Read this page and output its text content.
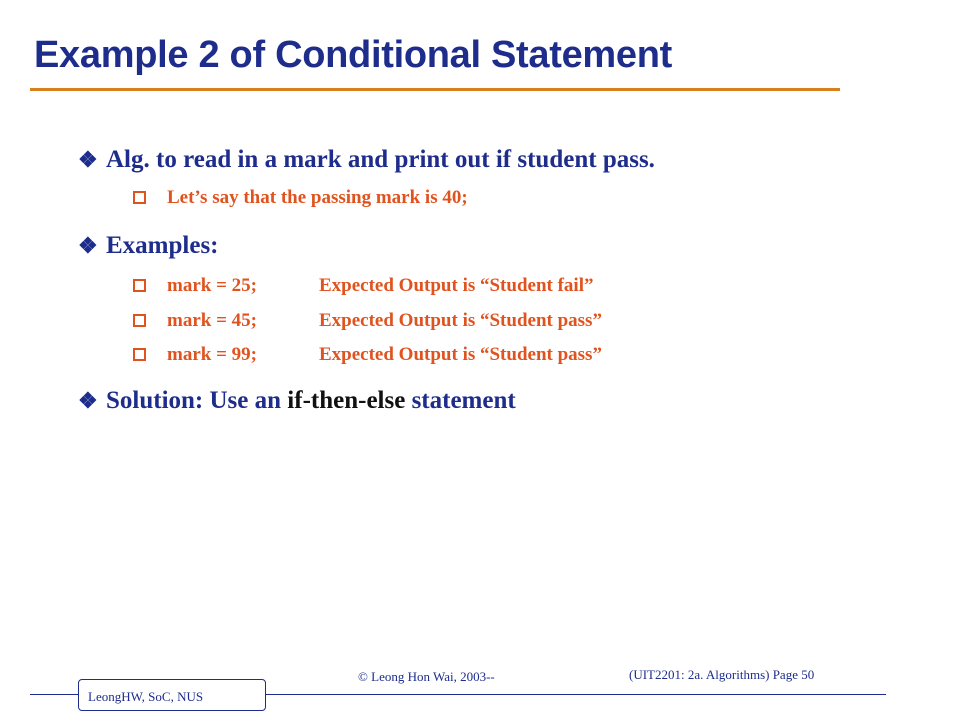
Example 2 of Conditional Statement
❖ Alg. to read in a mark and print out if student pass.
Let’s say that the passing mark is 40;
❖ Examples:
mark = 25;	Expected Output is “Student fail”
mark = 45;	Expected Output is “Student pass”
mark = 99;	Expected Output is “Student pass”
❖ Solution: Use an if-then-else statement
LeongHW, SoC, NUS
© Leong Hon Wai, 2003--	(UIT2201: 2a. Algorithms) Page 50
